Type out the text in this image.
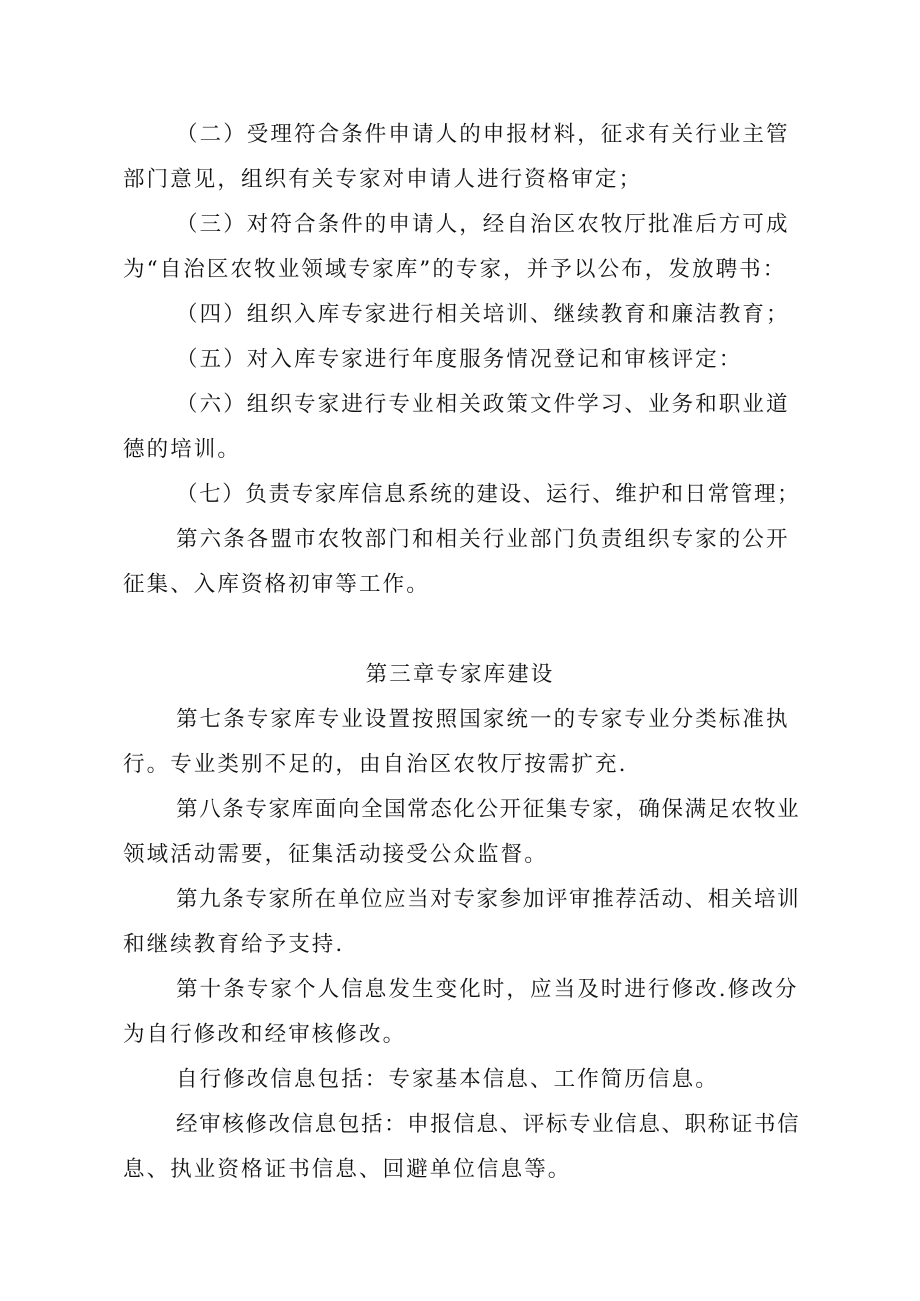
（二）受理符合条件申请人的申报材料，征求有关行业主管
部门意见，组织有关专家对申请人进行资格审定；
（三）对符合条件的申请人，经自治区农牧厅批准后方可成
为“自治区农牧业领域专家库”的专家，并予以公布，发放聘书：
（四）组织入库专家进行相关培训、继续教育和廉洁教育；
（五）对入库专家进行年度服务情况登记和审核评定：
（六）组织专家进行专业相关政策文件学习、业务和职业道
德的培训。
（七）负责专家库信息系统的建设、运行、维护和日常管理；
第六条各盟市农牧部门和相关行业部门负责组织专家的公开
征集、入库资格初审等工作。
第三章专家库建设
第七条专家库专业设置按照国家统一的专家专业分类标准执
行。专业类别不足的，由自治区农牧厅按需扩充.
第八条专家库面向全国常态化公开征集专家，确保满足农牧业
领域活动需要，征集活动接受公众监督。
第九条专家所在单位应当对专家参加评审推荐活动、相关培训
和继续教育给予支持.
第十条专家个人信息发生变化时，应当及时进行修改.修改分
为自行修改和经审核修改。
自行修改信息包括：专家基本信息、工作简历信息。
经审核修改信息包括：申报信息、评标专业信息、职称证书信
息、执业资格证书信息、回避单位信息等。
